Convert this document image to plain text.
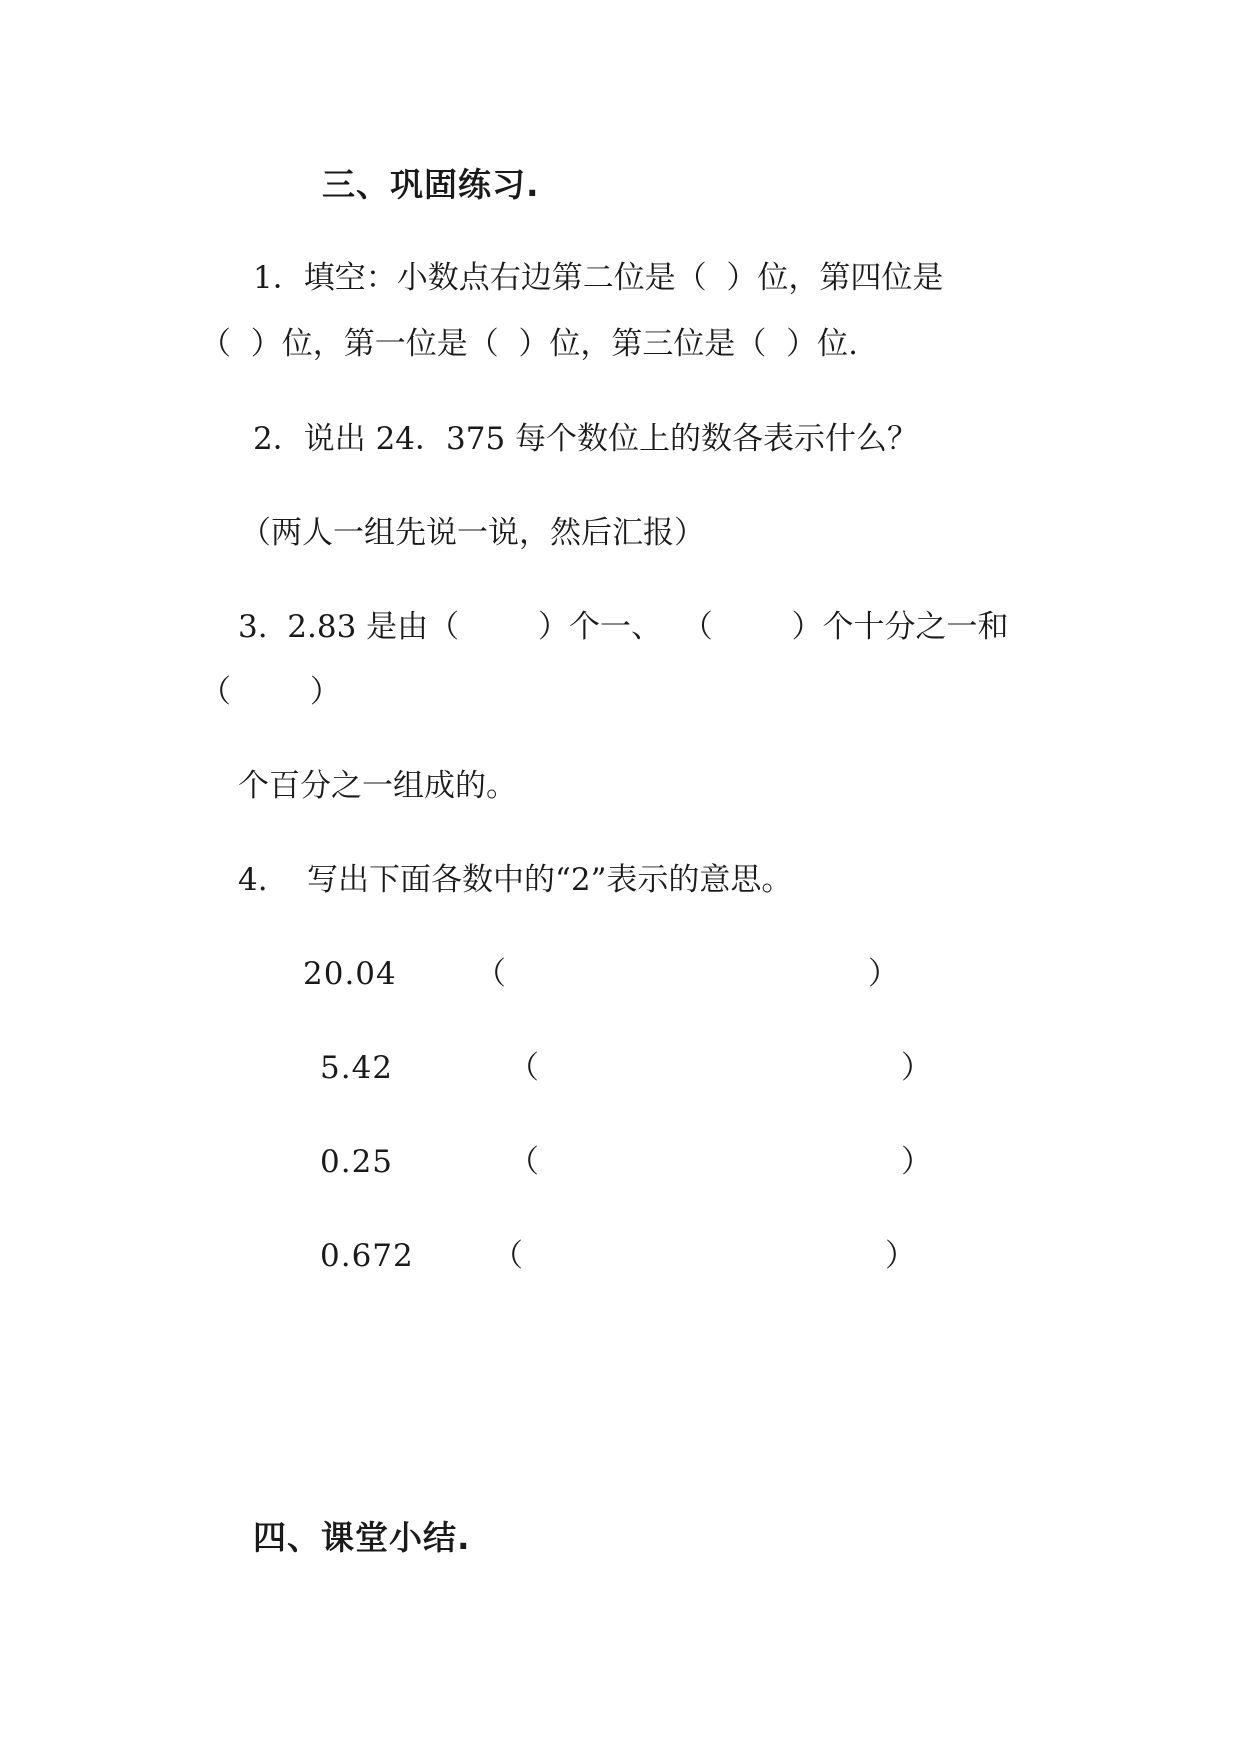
三、巩固练习.
1．填空：小数点右边第二位是（  ）位，第四位是
（  ）位，第一位是（  ）位，第三位是（  ）位.
2．说出 24．375 每个数位上的数各表示什么？
（两人一组先说一说，然后汇报）
3.  2.83 是由（        ）个一、  （        ）个十分之一和
（        ）
个百分之一组成的。
4.    写出下面各数中的“2”表示的意思。
20.04	（	）
5.42	（	）
0.25	（	）
0.672	（	）
四、课堂小结.
